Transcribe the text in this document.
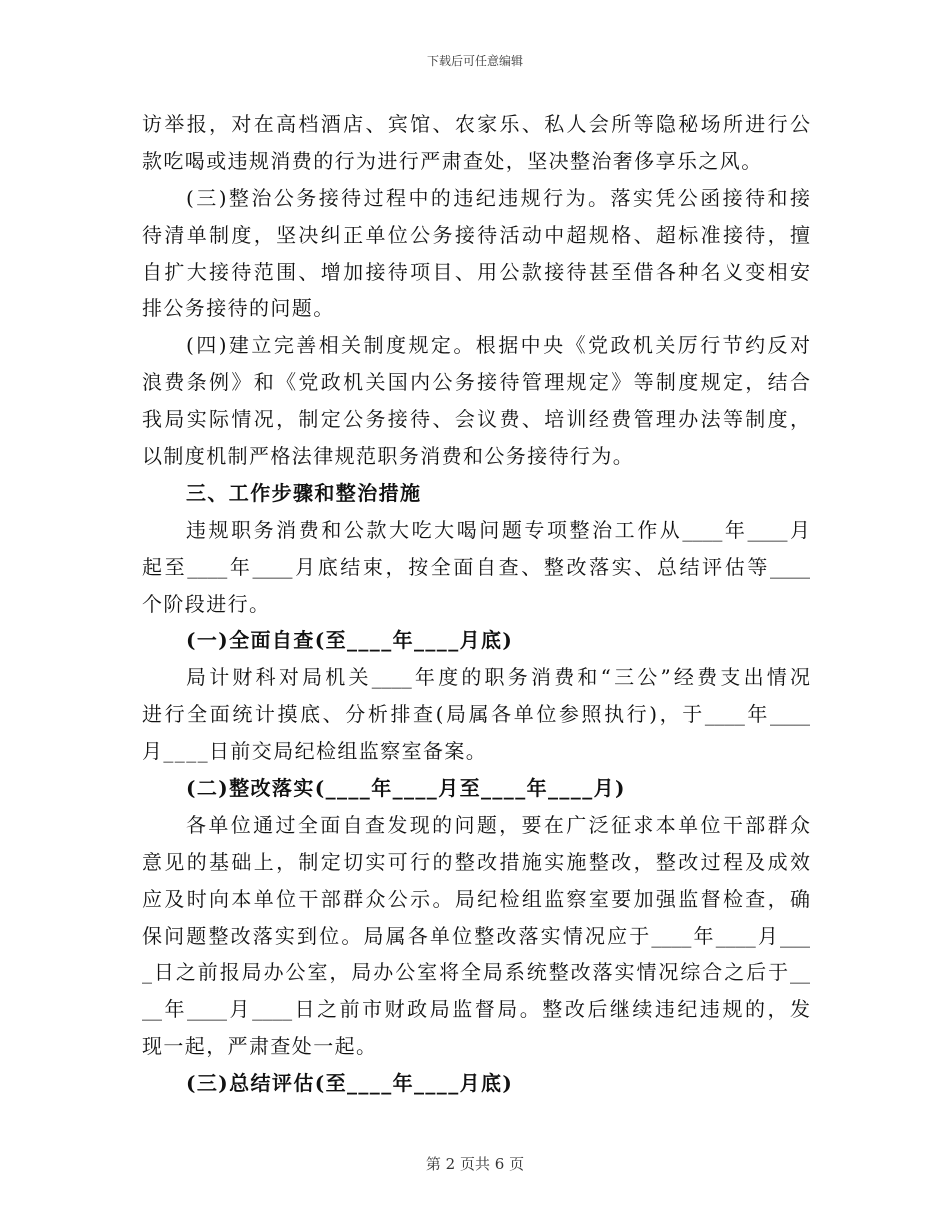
下载后可任意编辑
访举报，对在高档酒店、宾馆、农家乐、私人会所等隐秘场所进行公
款吃喝或违规消费的行为进行严肃查处，坚决整治奢侈享乐之风。
(三)整治公务接待过程中的违纪违规行为。落实凭公函接待和接
待清单制度，坚决纠正单位公务接待活动中超规格、超标准接待，擅
自扩大接待范围、增加接待项目、用公款接待甚至借各种名义变相安
排公务接待的问题。
(四)建立完善相关制度规定。根据中央《党政机关厉行节约反对
浪费条例》和《党政机关国内公务接待管理规定》等制度规定，结合
我局实际情况，制定公务接待、会议费、培训经费管理办法等制度，
以制度机制严格法律规范职务消费和公务接待行为。
三、工作步骤和整治措施
违规职务消费和公款大吃大喝问题专项整治工作从____年____月
起至____年____月底结束，按全面自查、整改落实、总结评估等____
个阶段进行。
(一)全面自查(至____年____月底)
局计财科对局机关____年度的职务消费和“三公”经费支出情况
进行全面统计摸底、分析排查(局属各单位参照执行)，于____年____
月____日前交局纪检组监察室备案。
(二)整改落实(____年____月至____年____月)
各单位通过全面自查发现的问题，要在广泛征求本单位干部群众
意见的基础上，制定切实可行的整改措施实施整改，整改过程及成效
应及时向本单位干部群众公示。局纪检组监察室要加强监督检查，确
保问题整改落实到位。局属各单位整改落实情况应于____年____月___
_日之前报局办公室，局办公室将全局系统整改落实情况综合之后于__
__年____月____日之前市财政局监督局。整改后继续违纪违规的，发
现一起，严肃查处一起。
(三)总结评估(至____年____月底)
第 2 页共 6 页
